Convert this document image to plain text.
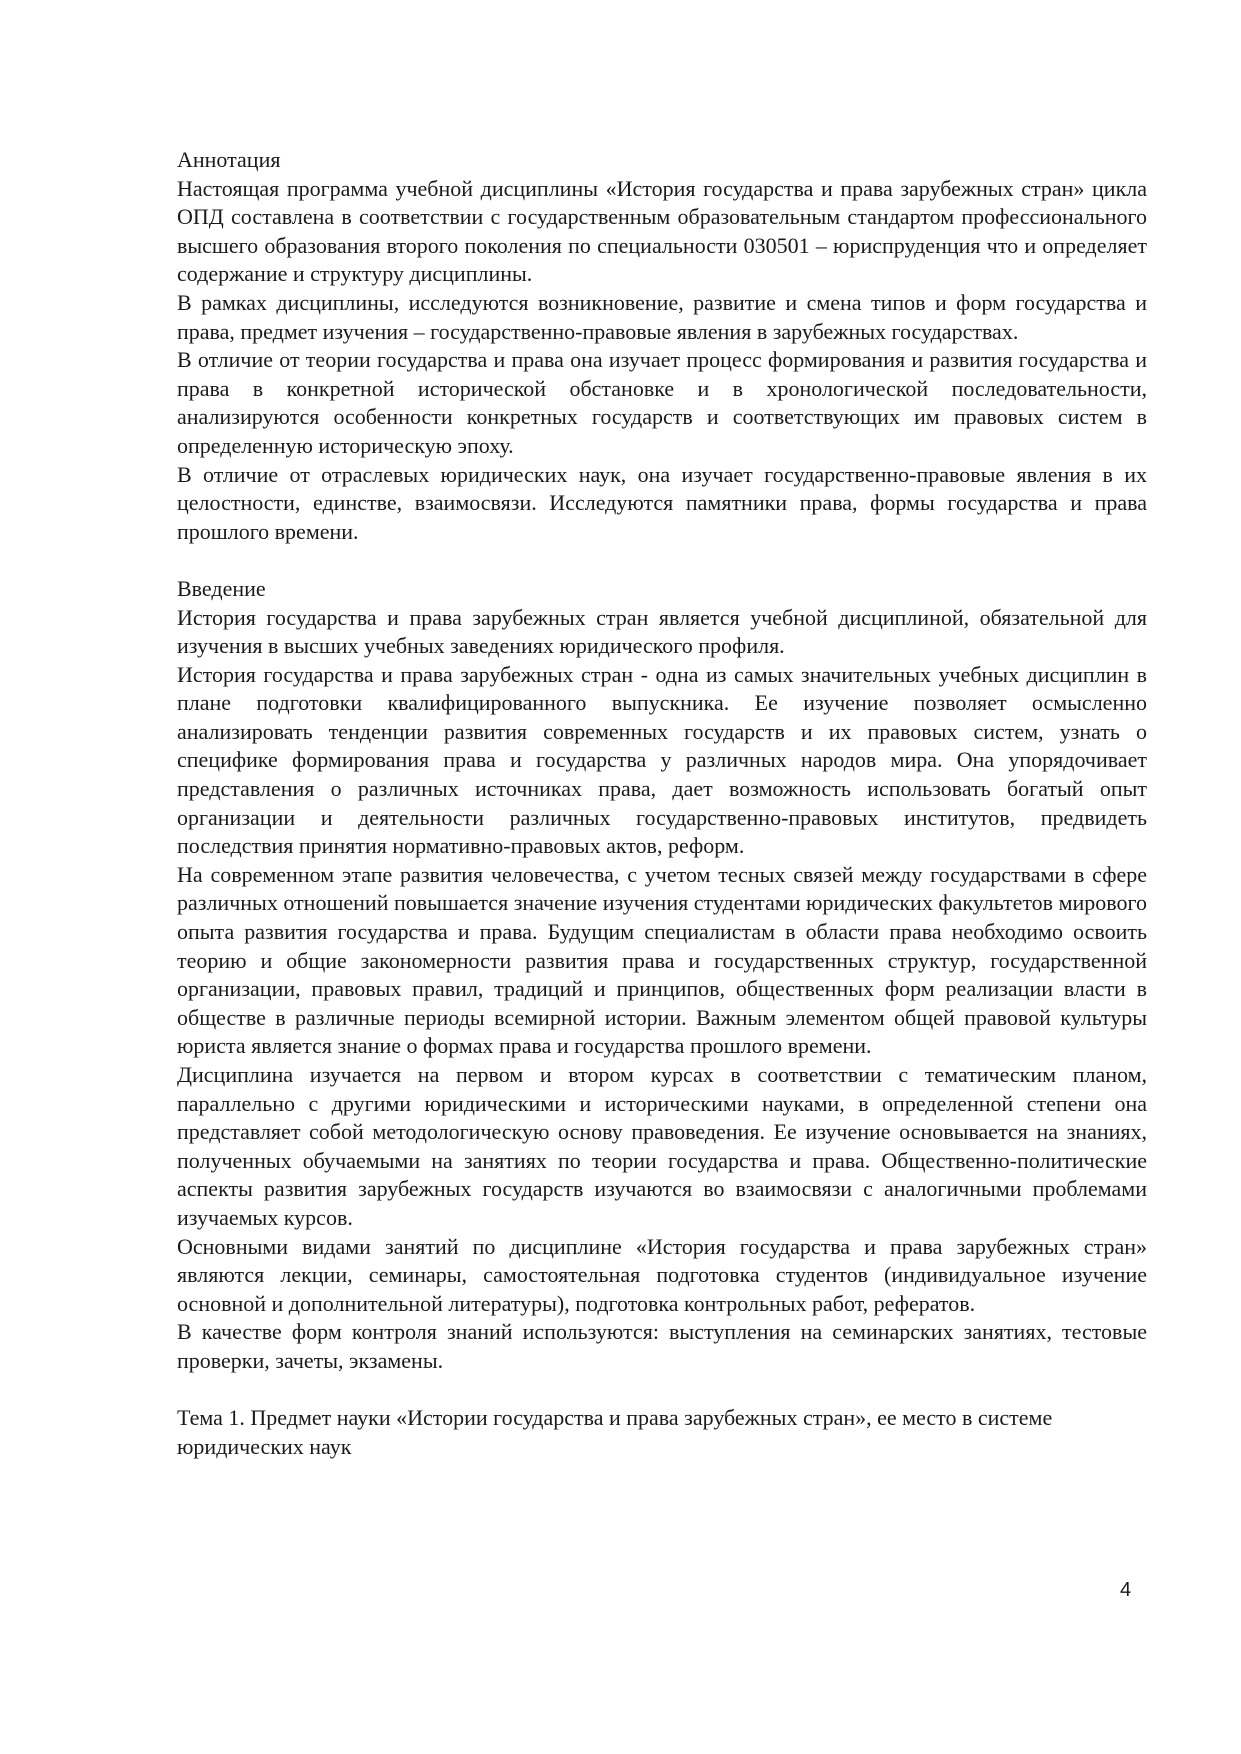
Аннотация

Настоящая программа учебной дисциплины «История государства и права зарубежных стран» цикла ОПД составлена в соответствии с государственным образовательным стандартом профессионального высшего образования второго поколения по специальности 030501 – юриспруденция что и определяет содержание и структуру дисциплины.

В рамках дисциплины, исследуются возникновение, развитие и смена типов и форм государства и права, предмет изучения – государственно-правовые явления в зарубежных государствах.

В отличие от теории государства и права она изучает процесс формирования и развития государства и права в конкретной исторической обстановке и в хронологической последовательности, анализируются особенности конкретных государств и соответствующих им правовых систем в определенную историческую эпоху.

В отличие от отраслевых юридических наук, она изучает государственно-правовые явления в их целостности, единстве, взаимосвязи. Исследуются памятники права, формы государства и права прошлого времени.

Введение

История государства и права зарубежных стран является учебной дисциплиной, обязательной для изучения в высших учебных заведениях юридического профиля.

История государства и права зарубежных стран - одна из самых значительных учебных дисциплин в плане подготовки квалифицированного выпускника. Ее изучение позволяет осмысленно анализировать тенденции развития современных государств и их правовых систем, узнать о специфике формирования права и государства у различных народов мира. Она упорядочивает представления о различных источниках права, дает возможность использовать богатый опыт организации и деятельности различных государственно-правовых институтов, предвидеть последствия принятия нормативно-правовых актов, реформ.

На современном этапе развития человечества, с учетом тесных связей между государствами в сфере различных отношений повышается значение изучения студентами юридических факультетов мирового опыта развития государства и права. Будущим специалистам в области права необходимо освоить теорию и общие закономерности развития права и государственных структур, государственной организации, правовых правил, традиций и принципов, общественных форм реализации власти в обществе в различные периоды всемирной истории. Важным элементом общей правовой культуры юриста является знание о формах права и государства прошлого времени.

Дисциплина изучается на первом и втором курсах в соответствии с тематическим планом, параллельно с другими юридическими и историческими науками, в определенной степени она представляет собой методологическую основу правоведения. Ее изучение основывается на знаниях, полученных обучаемыми на занятиях по теории государства и права. Общественно-политические аспекты развития зарубежных государств изучаются во взаимосвязи с аналогичными проблемами изучаемых курсов.

Основными видами занятий по дисциплине «История государства и права зарубежных стран» являются лекции, семинары, самостоятельная подготовка студентов (индивидуальное изучение основной и дополнительной литературы), подготовка контрольных работ, рефератов.

В качестве форм контроля знаний используются: выступления на семинарских занятиях, тестовые проверки, зачеты, экзамены.

Тема 1. Предмет науки «Истории государства и права зарубежных стран», ее место в системе юридических наук

4
